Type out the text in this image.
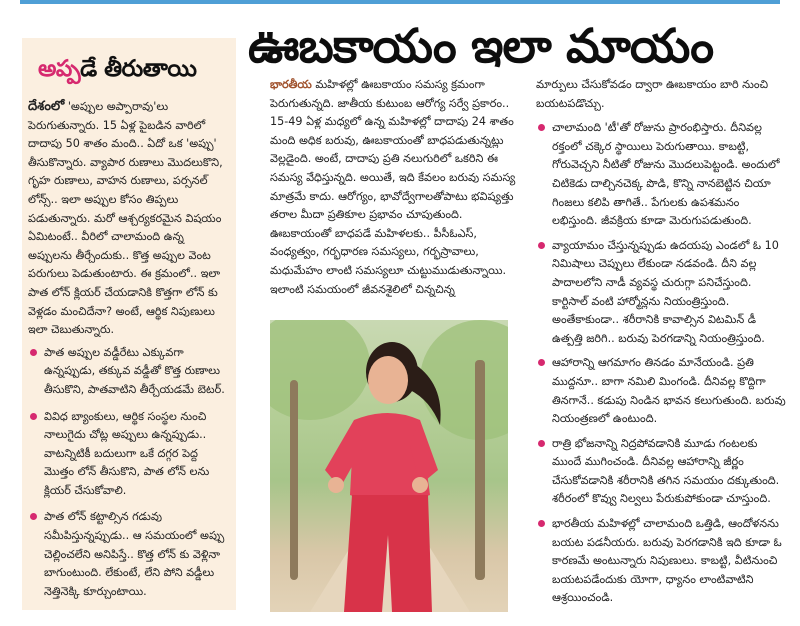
అప్పడే తీరుతాయి

దేశంలో 'అప్పుల అప్పారావు'లు పెరుగుతున్నారు. 15 ఏళ్ల పైబడిన వారిలో దాదాపు 50 శాతం మంది.. ఏదో ఒక 'అప్పు' తీసుకొన్నారు. వ్యాపార రుణాలు మొదలుకొని, గృహ రుణాలు, వాహన రుణాలు, పర్సనల్ లోన్స్.. ఇలా అప్పుల కోసం తిప్పలు పడుతున్నారు. మరో ఆశ్చర్యకరమైన విషయం ఏమిటంటే.. వీరిలో చాలామంది ఉన్న అప్పులను తీర్చేందుకు.. కొత్త అప్పుల వెంట పరుగులు పెడుతుంటారు. ఈ క్రమంలో.. ఇలా పాత లోన్ క్లియర్ చేయడానికి కొత్తగా లోన్ కు వెళ్లడం మంచిదేనా? అంటే, ఆర్థిక నిపుణులు ఇలా చెబుతున్నారు.

పాత అప్పుల వడ్డీరేటు ఎక్కువగా ఉన్నప్పుడు, తక్కువ వడ్డీతో కొత్త రుణాలు తీసుకొని, పాతవాటిని తీర్చేయడమే బెటర్.
వివిధ బ్యాంకులు, ఆర్థిక సంస్థల నుంచి నాలుగైదు చోట్ల అప్పులు ఉన్నప్పుడు.. వాటన్నిటికీ బదులుగా ఒకే దగ్గర పెద్ద మొత్తం లోన్ తీసుకొని, పాత లోన్ లను క్లియర్ చేసుకోవాలి.
పాత లోన్ కట్టాల్సిన గడువు సమీపిస్తున్నప్పుడు.. ఆ సమయంలో అప్పు చెల్లించలేని అనిపిస్తే.. కొత్త లోన్ కు వెళ్లినా బాగుంటుంది. లేకుంటే, లేని పోని వడ్డీలు నెత్తినెక్కి కూర్చుంటాయి.
ఊబకాయం ఇలా మాయం

భారతీయ మహిళల్లో ఊబకాయం సమస్య క్రమంగా పెరుగుతున్నది. జాతీయ కుటుంబ ఆరోగ్య సర్వే ప్రకారం.. 15-49 ఏళ్ల మధ్యలో ఉన్న మహిళల్లో దాదాపు 24 శాతం మంది అధిక బరువు, ఊబకాయంతో బాధపడుతున్నట్లు వెల్లడైంది. అంటే, దాదాపు ప్రతి నలుగురిలో ఒకరిని ఈ సమస్య వేధిస్తున్నది. అయితే, ఇది కేవలం బరువు సమస్య మాత్రమే కాదు. ఆరోగ్యం, భావోద్వేగాలతోపాటు భవిష్యత్తు తరాల మీదా ప్రతికూల ప్రభావం చూపుతుంది. ఊబకాయంతో బాధపడే మహిళలకు.. పీసీఓఎస్, వంధ్యత్వం, గర్భధారణ సమస్యలు, గర్భస్రావాలు, మధుమేహం లాంటి సమస్యలూ చుట్టుముడుతున్నాయి. ఇలాంటి సమయంలో జీవనశైలిలో చిన్నచిన్న

మార్పులు చేసుకోవడం ద్వారా ఊబకాయం బారి నుంచి బయటపడొచ్చు.

చాలామంది 'టీ'తో రోజును ప్రారంభిస్తారు. దీనివల్ల రక్తంలో చక్కెర స్థాయిలు పెరుగుతాయి. కాబట్టి, గోరువెచ్చని నీటితో రోజును మొదలుపెట్టండి. అందులో చిటికెడు దాల్చినచెక్క పొడి, కొన్ని నానబెట్టిన చియా గింజలు కలిపి తాగితే.. పేగులకు ఉపశమనం లభిస్తుంది. జీవక్రియ కూడా మెరుగుపడుతుంది.
వ్యాయామం చేస్తున్నప్పుడు ఉదయపు ఎండలో ఓ 10 నిమిషాలు చెప్పులు లేకుండా నడవండి. దీని వల్ల పాదాలలోని నాడీ వ్యవస్థ చురుగ్గా పనిచేస్తుంది. కార్టిసాల్ వంటి హార్మోన్లను నియంత్రిస్తుంది. అంతేకాకుండా.. శరీరానికి కావాల్సిన విటమిన్ డీ ఉత్పత్తి జరిగి.. బరువు పెరగడాన్ని నియంత్రిస్తుంది.
ఆహారాన్ని ఆగమాగం తినడం మానేయండి. ప్రతి ముద్దనూ.. బాగా నమిలి మింగండి. దీనివల్ల కొద్దిగా తినగానే.. కడుపు నిండిన భావన కలుగుతుంది. బరువు నియంత్రణలో ఉంటుంది.
రాత్రి భోజనాన్ని నిద్రపోవడానికి మూడు గంటలకు ముందే ముగించండి. దీనివల్ల ఆహారాన్ని జీర్ణం చేసుకోవడానికి శరీరానికి తగిన సమయం దక్కుతుంది. శరీరంలో కొవ్వు నిల్వలు పేరుకుపోకుండా చూస్తుంది.
భారతీయ మహిళల్లో చాలామంది ఒత్తిడి, ఆందోళనను బయట పడనీయరు. బరువు పెరగడానికి ఇది కూడా ఓ కారణమే అంటున్నారు నిపుణులు. కాబట్టి, వీటినుంచి బయటపడేందుకు యోగా, ధ్యానం లాంటివాటిని ఆశ్రయించండి.
